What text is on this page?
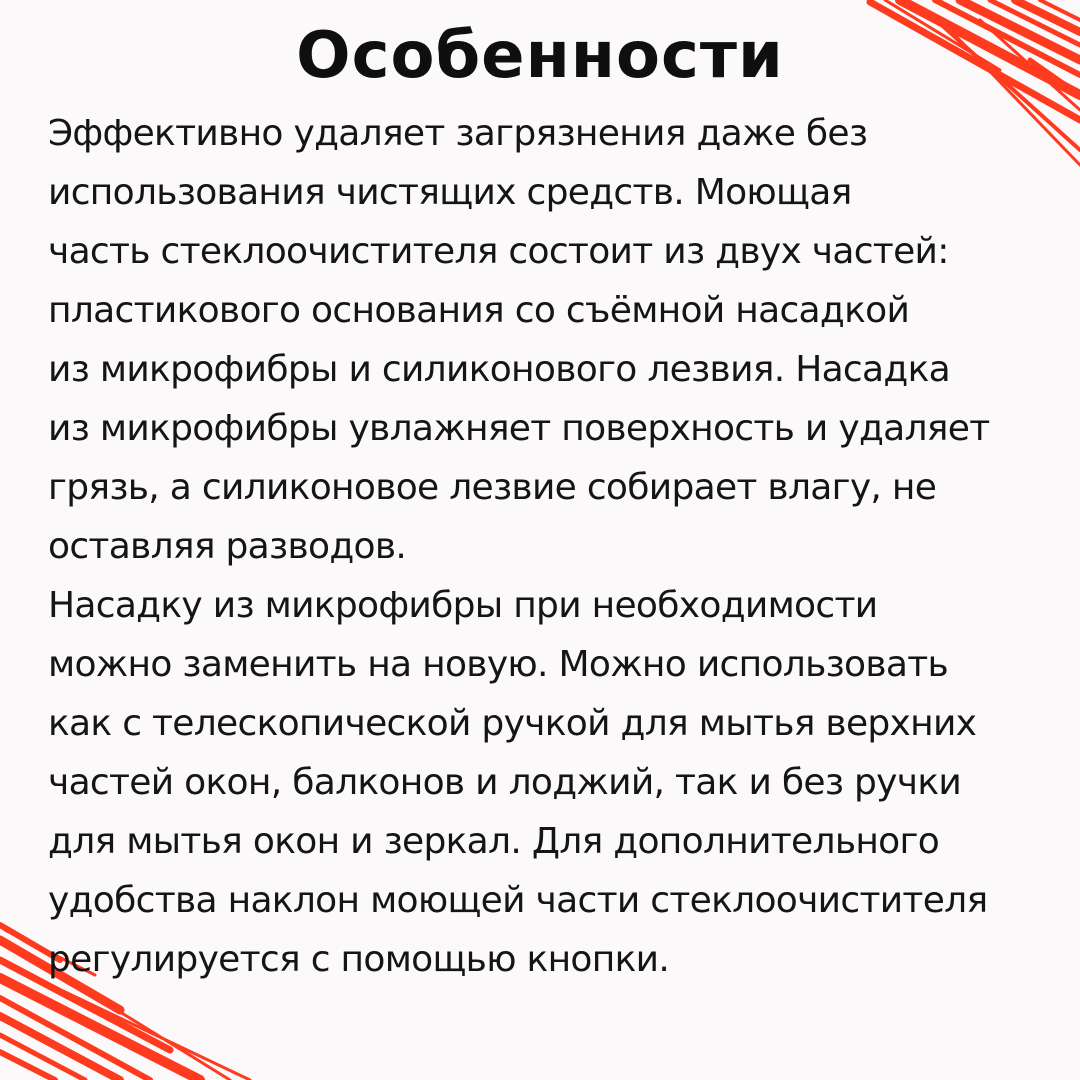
Особенности
Эффективно удаляет загрязнения даже без
использования чистящих средств. Моющая
часть стеклоочистителя состоит из двух частей:
пластикового основания со съёмной насадкой
из микрофибры и силиконового лезвия. Насадка
из микрофибры увлажняет поверхность и удаляет
грязь, а силиконовое лезвие собирает влагу, не
оставляя разводов.
Насадку из микрофибры при необходимости
можно заменить на новую. Можно использовать
как с телескопической ручкой для мытья верхних
частей окон, балконов и лоджий, так и без ручки
для мытья окон и зеркал. Для дополнительного
удобства наклон моющей части стеклоочистителя
регулируется с помощью кнопки.
